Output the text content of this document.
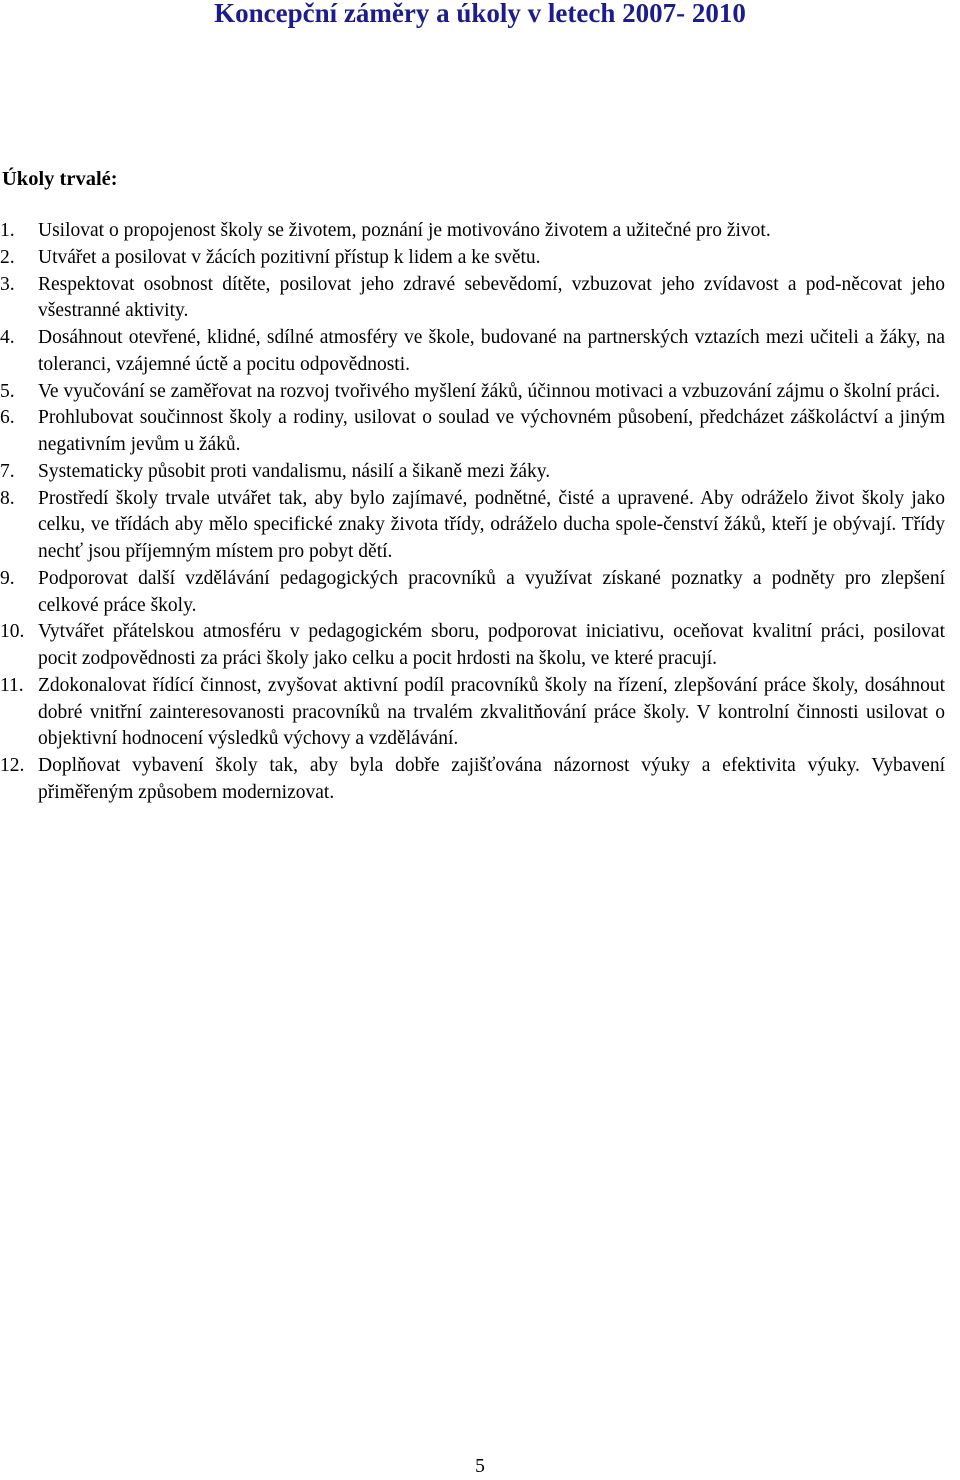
Koncepční záměry a úkoly v letech 2007- 2010
Úkoly trvalé:
1. Usilovat o propojenost školy se životem, poznání je motivováno životem a užitečné pro život.
2. Utvářet a posilovat v žácích pozitivní přístup k lidem a ke světu.
3. Respektovat osobnost dítěte, posilovat jeho zdravé sebevědomí, vzbuzovat jeho zvídavost a pod-něcovat jeho všestranné aktivity.
4. Dosáhnout otevřené, klidné, sdílné atmosféry ve škole, budované na partnerských vztazích mezi učiteli a žáky, na toleranci, vzájemné úctě a pocitu odpovědnosti.
5. Ve vyučování se zaměřovat na rozvoj tvořivého myšlení žáků, účinnou motivaci a vzbuzování zájmu o školní práci.
6. Prohlubovat součinnost školy a rodiny, usilovat o soulad ve výchovném působení, předcházet záškoláctví a jiným negativním jevům u žáků.
7. Systematicky působit proti vandalismu, násilí a šikaně mezi žáky.
8. Prostředí školy trvale utvářet tak, aby bylo zajímavé, podnětné, čisté a upravené. Aby odráželo život školy jako celku, ve třídách aby mělo specifické znaky života třídy, odráželo ducha spole-čenství žáků, kteří je obývají. Třídy nechť jsou příjemným místem pro pobyt dětí.
9. Podporovat další vzdělávání pedagogických pracovníků a využívat získané poznatky a podněty pro zlepšení celkové práce školy.
10. Vytvářet přátelskou atmosféru v pedagogickém sboru, podporovat iniciativu, oceňovat kvalitní práci, posilovat pocit zodpovědnosti za práci školy jako celku a pocit hrdosti na školu, ve které pracují.
11. Zdokonalovat řídící činnost, zvyšovat aktivní podíl pracovníků školy na řízení, zlepšování práce školy, dosáhnout dobré vnitřní zainteresovanosti pracovníků na trvalém zkvalitňování práce školy. V kontrolní činnosti usilovat o objektivní hodnocení výsledků výchovy a vzdělávání.
12. Doplňovat vybavení školy tak, aby byla dobře zajišťována názornost výuky a efektivita výuky. Vybavení přiměřeným způsobem modernizovat.
5
